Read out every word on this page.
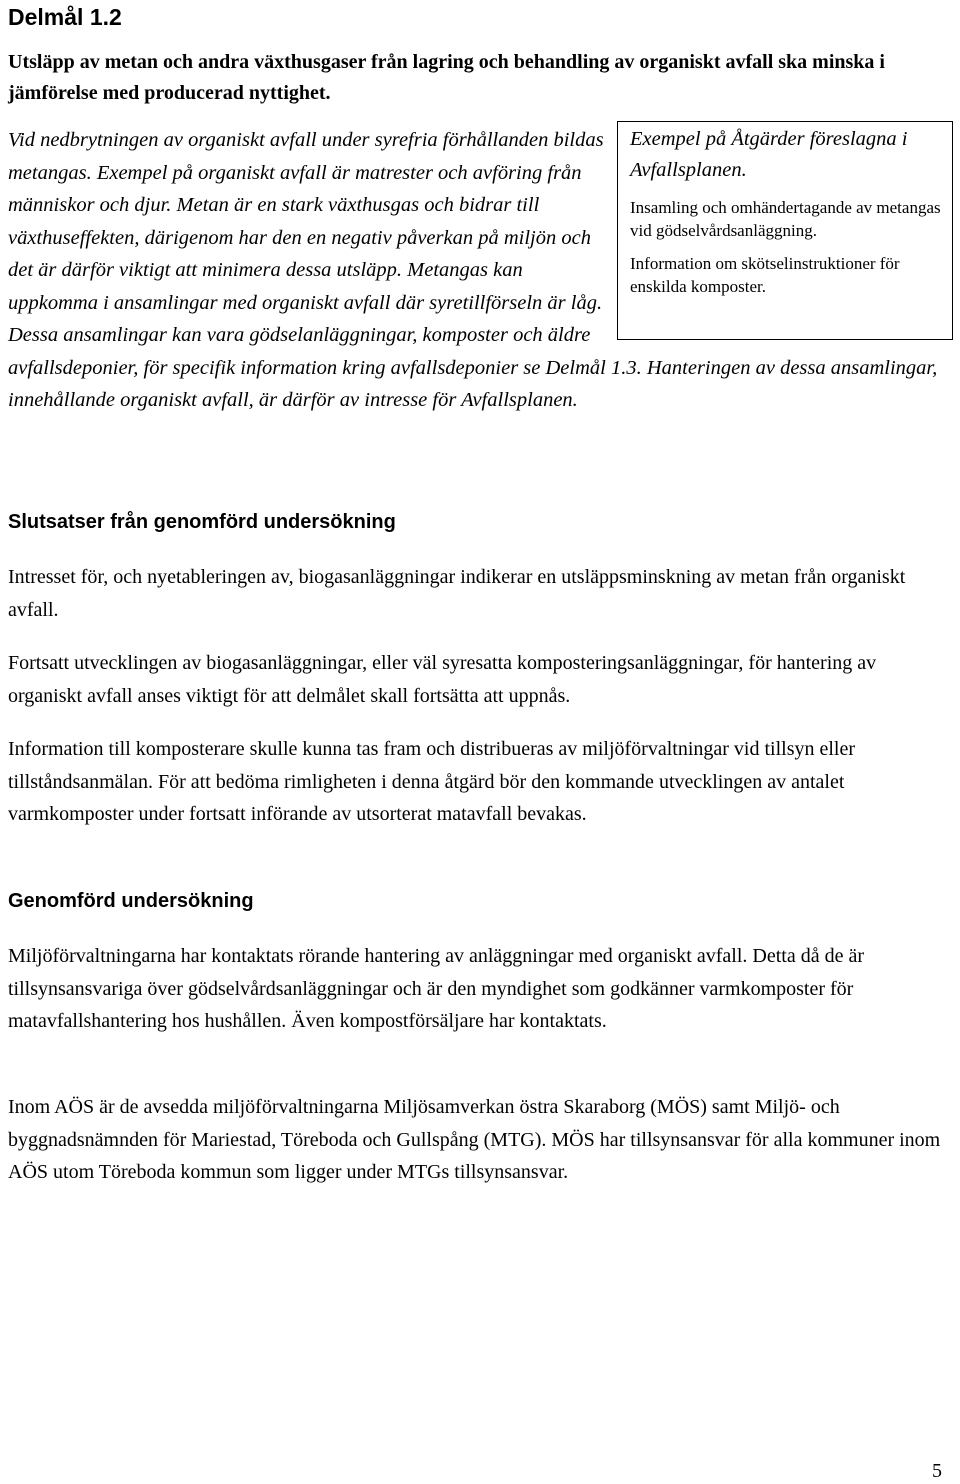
Delmål 1.2

Utsläpp av metan och andra växthusgaser från lagring och behandling av organiskt avfall ska minska i jämförelse med producerad nyttighet.

Exempel på Åtgärder föreslagna i Avfallsplanen.

Insamling och omhändertagande av metangas vid gödselvårdsanläggning.

Information om skötselinstruktioner för enskilda komposter.

Vid nedbrytningen av organiskt avfall under syrefria förhållanden bildas metangas. Exempel på organiskt avfall är matrester och avföring från människor och djur. Metan är en stark växthusgas och bidrar till växthuseffekten, därigenom har den en negativ påverkan på miljön och det är därför viktigt att minimera dessa utsläpp. Metangas kan uppkomma i ansamlingar med organiskt avfall där syretillförseln är låg. Dessa ansamlingar kan vara gödselanläggningar, komposter och äldre avfallsdeponier, för specifik information kring avfallsdeponier se Delmål 1.3. Hanteringen av dessa ansamlingar, innehållande organiskt avfall, är därför av intresse för Avfallsplanen.
Slutsatser från genomförd undersökning

Intresset för, och nyetableringen av, biogasanläggningar indikerar en utsläppsminskning av metan från organiskt avfall.

Fortsatt utvecklingen av biogasanläggningar, eller väl syresatta komposteringsanläggningar, för hantering av organiskt avfall anses viktigt för att delmålet skall fortsätta att uppnås.

Information till komposterare skulle kunna tas fram och distribueras av miljöförvaltningar vid tillsyn eller tillståndsanmälan. För att bedöma rimligheten i denna åtgärd bör den kommande utvecklingen av antalet varmkomposter under fortsatt införande av utsorterat matavfall bevakas.

Genomförd undersökning

Miljöförvaltningarna har kontaktats rörande hantering av anläggningar med organiskt avfall. Detta då de är tillsynsansvariga över gödselvårdsanläggningar och är den myndighet som godkänner varmkomposter för matavfallshantering hos hushållen. Även kompostförsäljare har kontaktats.

Inom AÖS är de avsedda miljöförvaltningarna Miljösamverkan östra Skaraborg (MÖS) samt Miljö- och byggnadsnämnden för Mariestad, Töreboda och Gullspång (MTG). MÖS har tillsynsansvar för alla kommuner inom AÖS utom Töreboda kommun som ligger under MTGs tillsynsansvar.

5
